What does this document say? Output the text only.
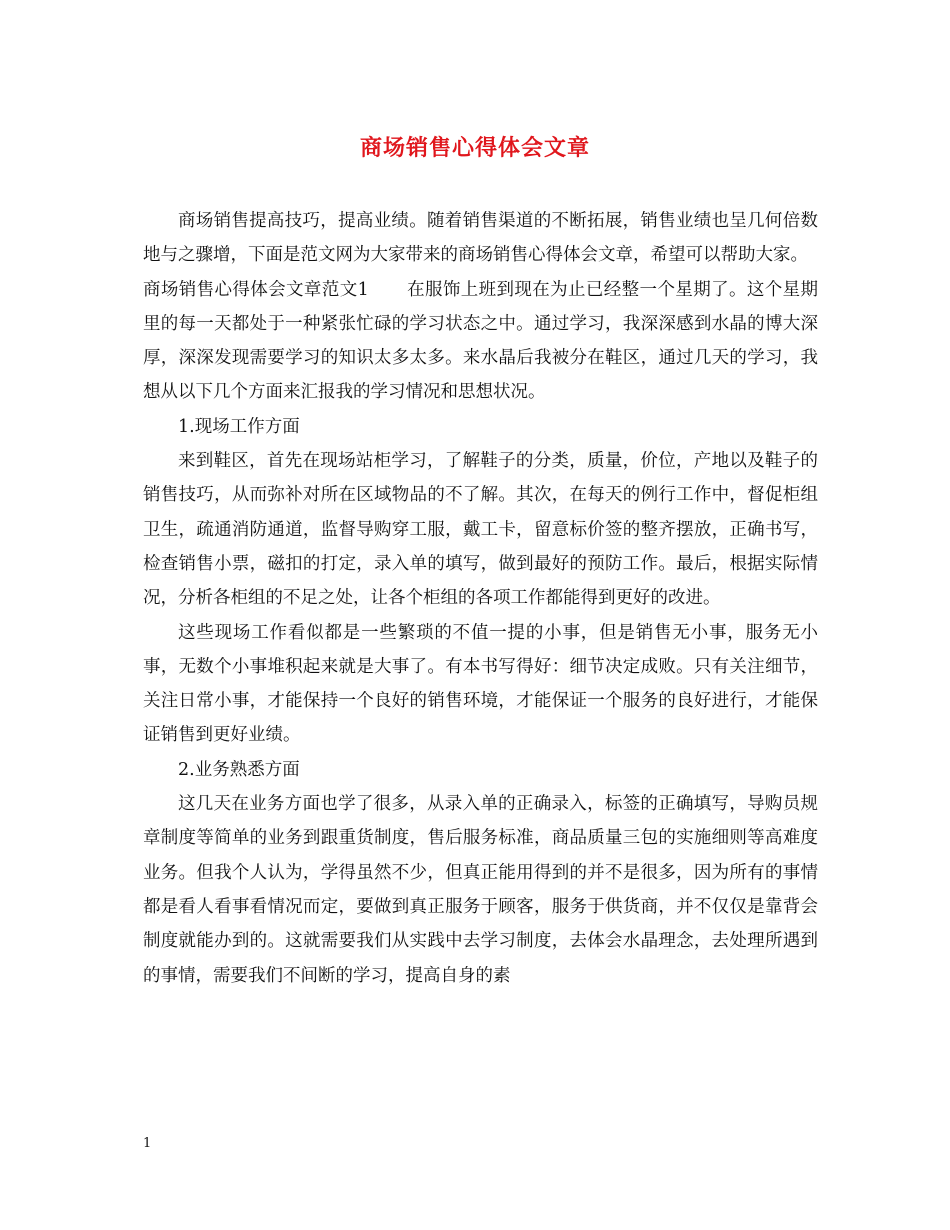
商场销售心得体会文章

商场销售提高技巧，提高业绩。随着销售渠道的不断拓展，销售业绩也呈几何倍数地与之骤增，下面是范文网为大家带来的商场销售心得体会文章，希望可以帮助大家。

商场销售心得体会文章范文1 在服饰上班到现在为止已经整一个星期了。这个星期里的每一天都处于一种紧张忙碌的学习状态之中。通过学习，我深深感到水晶的博大深厚，深深发现需要学习的知识太多太多。来水晶后我被分在鞋区，通过几天的学习，我想从以下几个方面来汇报我的学习情况和思想状况。

1.现场工作方面

来到鞋区，首先在现场站柜学习，了解鞋子的分类，质量，价位，产地以及鞋子的销售技巧，从而弥补对所在区域物品的不了解。其次，在每天的例行工作中，督促柜组卫生，疏通消防通道，监督导购穿工服，戴工卡，留意标价签的整齐摆放，正确书写，检查销售小票，磁扣的打定，录入单的填写，做到最好的预防工作。最后，根据实际情况，分析各柜组的不足之处，让各个柜组的各项工作都能得到更好的改进。

这些现场工作看似都是一些繁琐的不值一提的小事，但是销售无小事，服务无小事，无数个小事堆积起来就是大事了。有本书写得好：细节决定成败。只有关注细节，关注日常小事，才能保持一个良好的销售环境，才能保证一个服务的良好进行，才能保证销售到更好业绩。

2.业务熟悉方面

这几天在业务方面也学了很多，从录入单的正确录入，标签的正确填写，导购员规章制度等简单的业务到跟重货制度，售后服务标准，商品质量三包的实施细则等高难度业务。但我个人认为，学得虽然不少，但真正能用得到的并不是很多，因为所有的事情都是看人看事看情况而定，要做到真正服务于顾客，服务于供货商，并不仅仅是靠背会制度就能办到的。这就需要我们从实践中去学习制度，去体会水晶理念，去处理所遇到的事情，需要我们不间断的学习，提高自身的素

1
